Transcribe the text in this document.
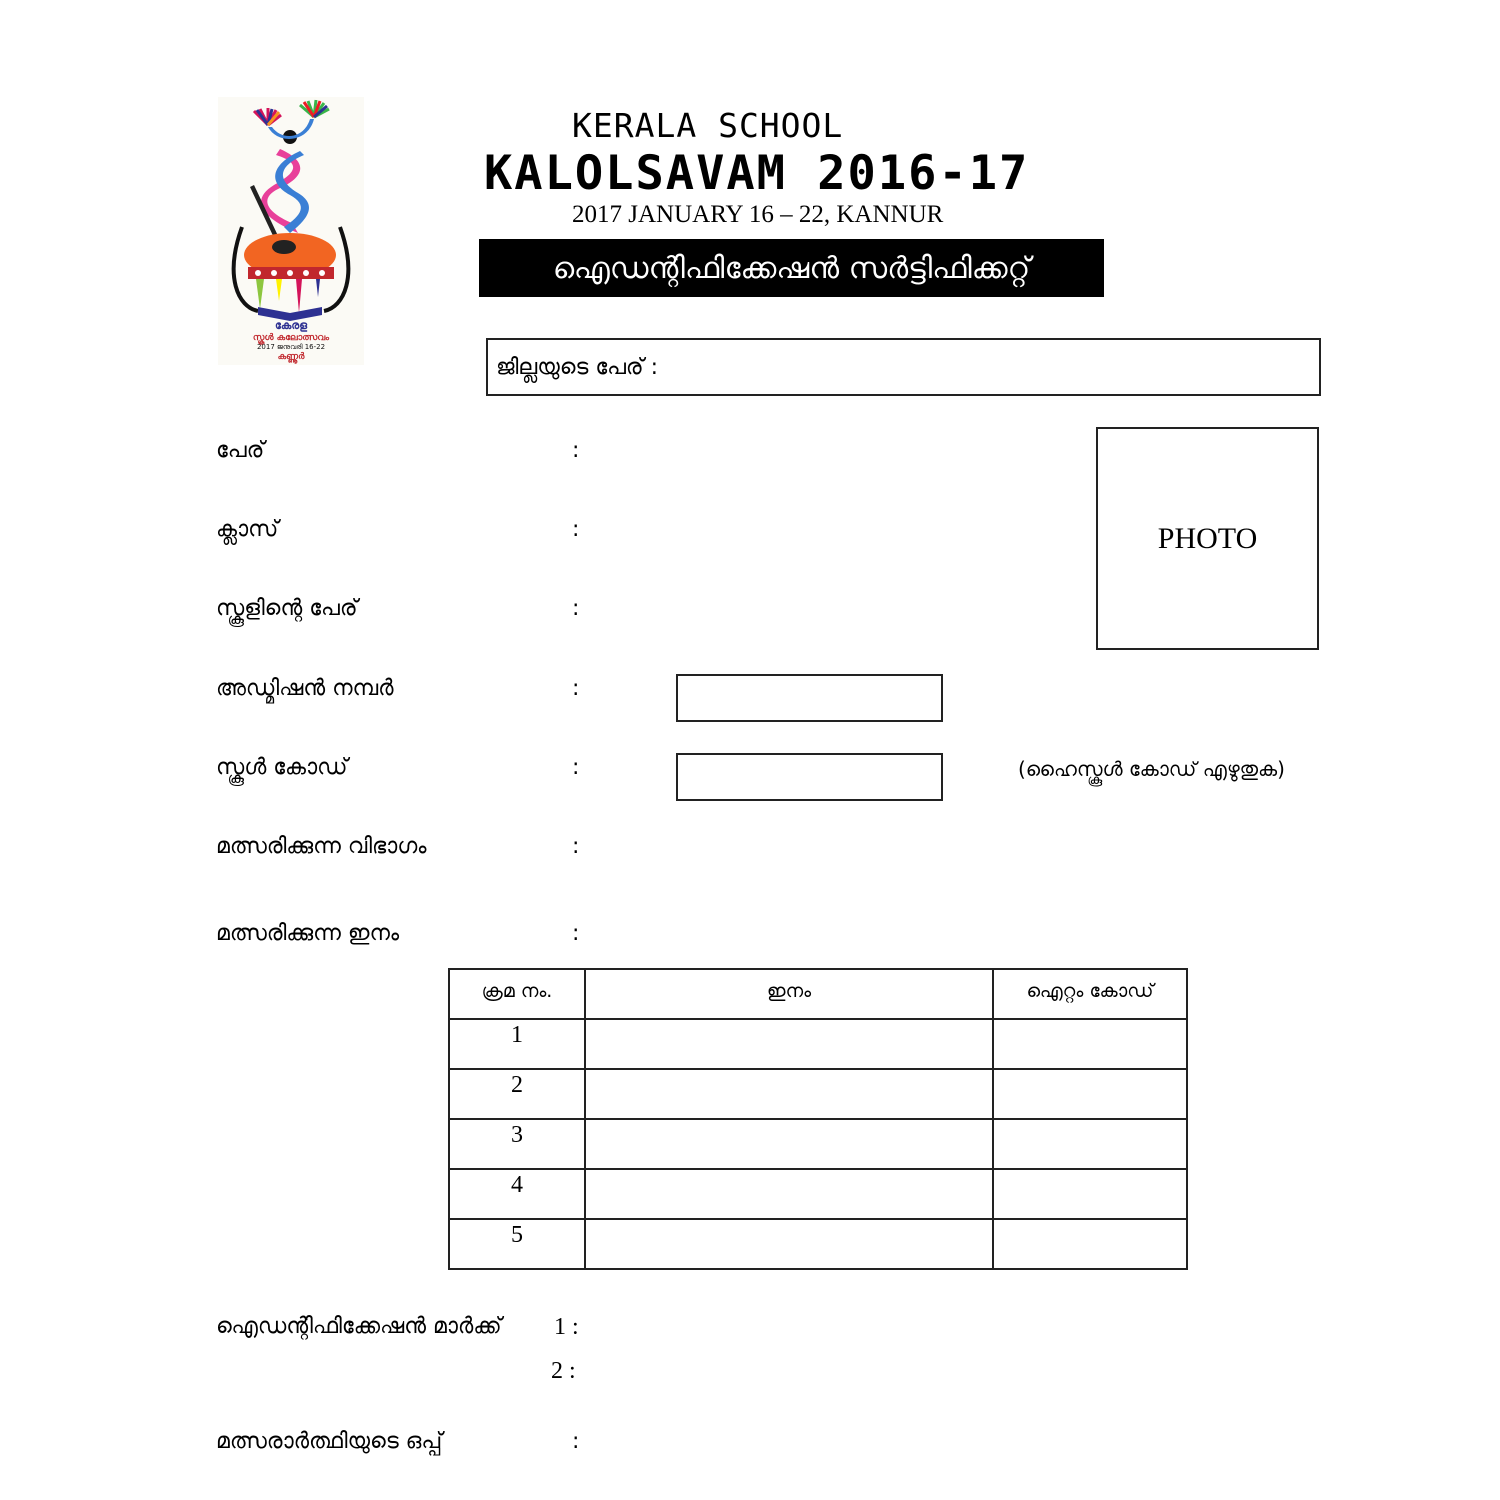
കേരള
സ്കൂൾ കലോത്സവം
2017 ജനുവരി 16-22
കണ്ണൂർ
KERALA SCHOOL
KALOLSAVAM 2016-17
2017 JANUARY 16 – 22, KANNUR
ഐഡന്റിഫിക്കേഷൻ സർട്ടിഫിക്കറ്റ്
ജില്ലയുടെ പേര് :
PHOTO
പേര്	:
ക്ലാസ്	:
സ്കൂളിന്റെ പേര്	:
അഡ്മിഷൻ നമ്പർ	:
സ്കൂൾ കോഡ്	:	(ഹൈസ്കൂൾ കോഡ് എഴുതുക)
മത്സരിക്കുന്ന വിഭാഗം	:
മത്സരിക്കുന്ന ഇനം	:
ക്രമ നം.	ഇനം	ഐറ്റം കോഡ്

1		

2		

3		

4		

5		

ഐഡന്റിഫിക്കേഷൻ മാർക്ക് 1 :
2 :
മത്സരാർത്ഥിയുടെ ഒപ്പ്	:
